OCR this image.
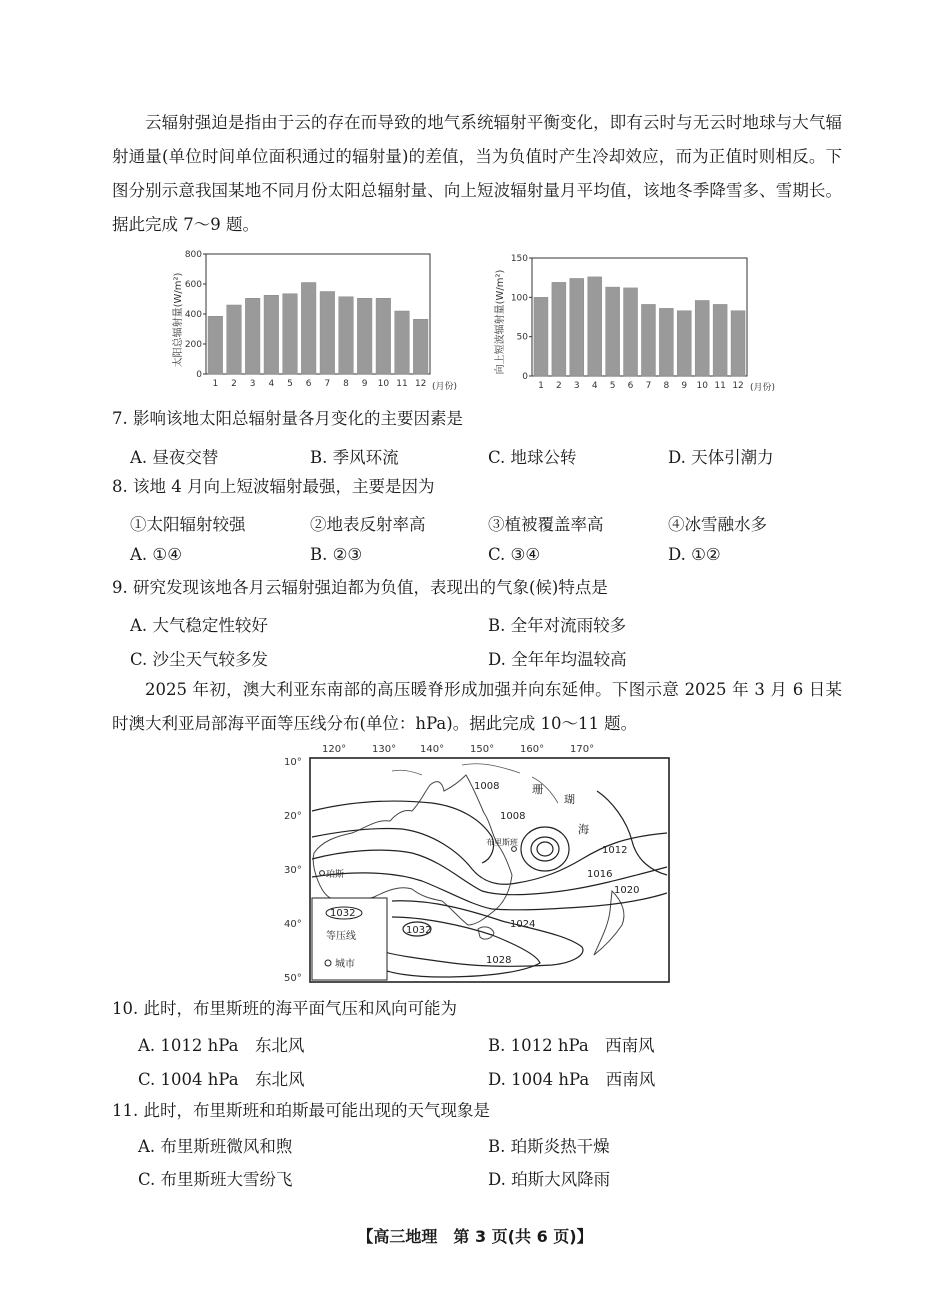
云辐射强迫是指由于云的存在而导致的地气系统辐射平衡变化，即有云时与无云时地球与大气辐射通量(单位时间单位面积通过的辐射量)的差值，当为负值时产生冷却效应，而为正值时则相反。下图分别示意我国某地不同月份太阳总辐射量、向上短波辐射量月平均值，该地冬季降雪多、雪期长。据此完成 7～9 题。
0
200
400
600
800
1 2 3 4 5 6 7 8 9 10 11 12
太阳总辐射量(W/m²)
(月份)
0
50
100
150
1 2 3 4 5 6 7 8 9 10 11 12
向上短波辐射量(W/m²)
(月份)
7. 影响该地太阳总辐射量各月变化的主要因素是
A. 昼夜交替	B. 季风环流	C. 地球公转	D. 天体引潮力
8. 该地 4 月向上短波辐射最强，主要是因为
①太阳辐射较强	②地表反射率高	③植被覆盖率高	④冰雪融水多
A. ①④	B. ②③	C. ③④	D. ①②
9. 研究发现该地各月云辐射强迫都为负值，表现出的气象(候)特点是
A. 大气稳定性较好	B. 全年对流雨较多
C. 沙尘天气较多发	D. 全年年均温较高
2025 年初，澳大利亚东南部的高压暖脊形成加强并向东延伸。下图示意 2025 年 3 月 6 日某时澳大利亚局部海平面等压线分布(单位：hPa)。据此完成 10～11 题。
120°	130° 140°	150°	160°	170°
10°
20°
30°
40°
50°
1008
1008
1012
1016
1020
1024
1028
1032
珊
瑚
海
布里斯班
珀斯
1032
等压线
城市
10. 此时，布里斯班的海平面气压和风向可能为
A. 1012 hPa　东北风	B. 1012 hPa　西南风
C. 1004 hPa　东北风	D. 1004 hPa　西南风
11. 此时，布里斯班和珀斯最可能出现的天气现象是
A. 布里斯班微风和煦	B. 珀斯炎热干燥
C. 布里斯班大雪纷飞	D. 珀斯大风降雨
【高三地理　第 3 页(共 6 页)】
